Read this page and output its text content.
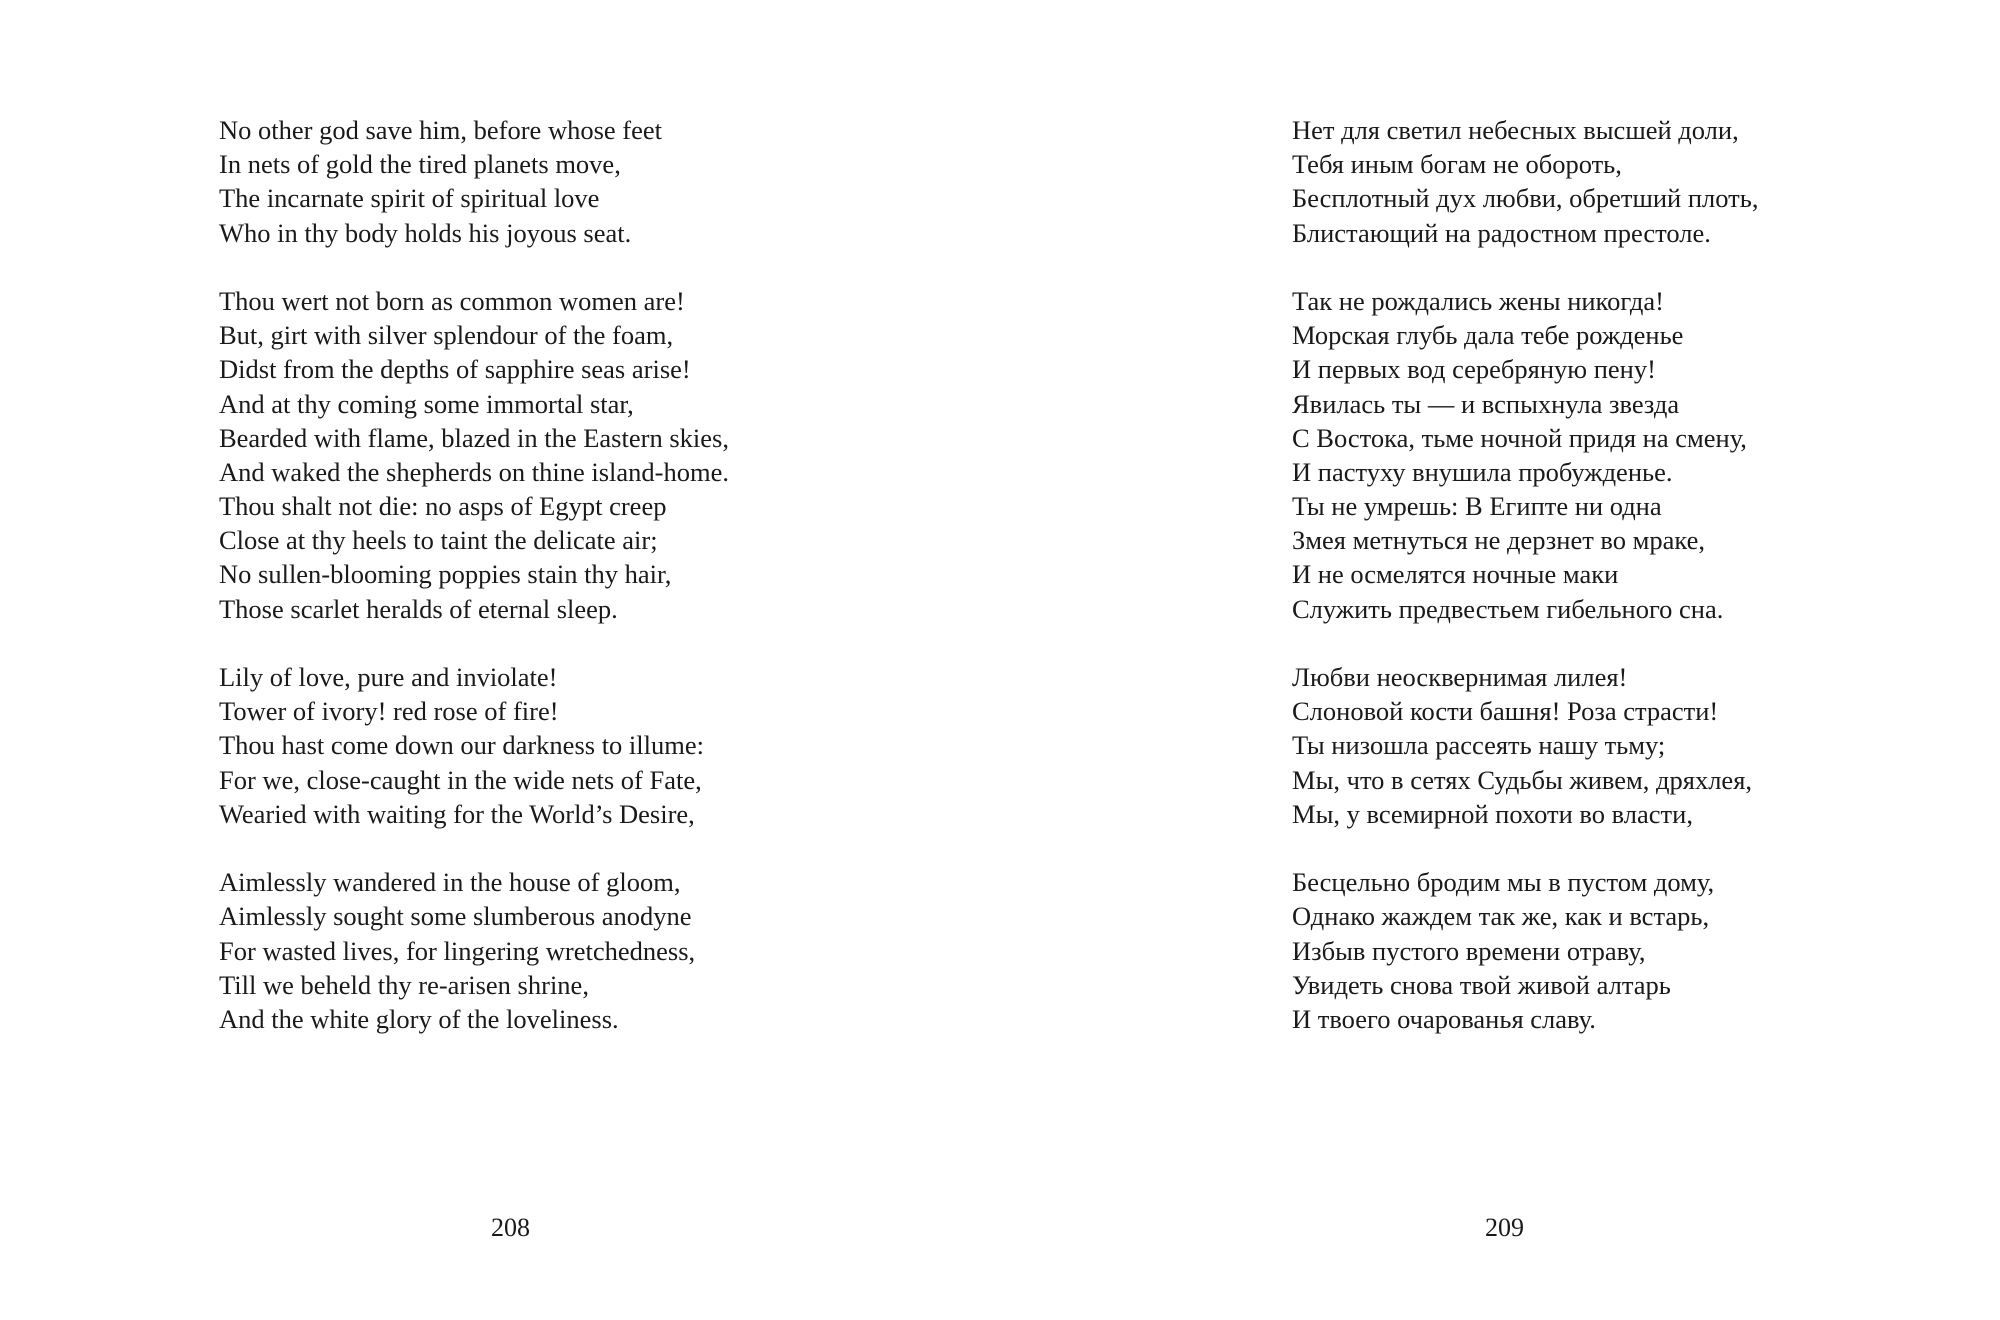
No other god save him, before whose feet
In nets of gold the tired planets move,
The incarnate spirit of spiritual love
Who in thy body holds his joyous seat.
Thou wert not born as common women are!
But, girt with silver splendour of the foam,
Didst from the depths of sapphire seas arise!
And at thy coming some immortal star,
Bearded with flame, blazed in the Eastern skies,
And waked the shepherds on thine island-home.
Thou shalt not die: no asps of Egypt creep
Close at thy heels to taint the delicate air;
No sullen-blooming poppies stain thy hair,
Those scarlet heralds of eternal sleep.
Lily of love, pure and inviolate!
Tower of ivory! red rose of fire!
Thou hast come down our darkness to illume:
For we, close-caught in the wide nets of Fate,
Wearied with waiting for the World’s Desire,
Aimlessly wandered in the house of gloom,
Aimlessly sought some slumberous anodyne
For wasted lives, for lingering wretchedness,
Till we beheld thy re-arisen shrine,
And the white glory of the loveliness.
208
Нет для светил небесных высшей доли,
Тебя иным богам не обороть,
Бесплотный дух любви, обретший плоть,
Блистающий на радостном престоле.
Так не рождались жены никогда!
Морская глубь дала тебе рожденье
И первых вод серебряную пену!
Явилась ты — и вспыхнула звезда
С Востока, тьме ночной придя на смену,
И пастуху внушила пробужденье.
Ты не умрешь: В Египте ни одна
Змея метнуться не дерзнет во мраке,
И не осмелятся ночные маки
Служить предвестьем гибельного сна.
Любви неосквернимая лилея!
Слоновой кости башня! Роза страсти!
Ты низошла рассеять нашу тьму;
Мы, что в сетях Судьбы живем, дряхлея,
Мы, у всемирной похоти во власти,
Бесцельно бродим мы в пустом дому,
Однако жаждем так же, как и встарь,
Избыв пустого времени отраву,
Увидеть снова твой живой алтарь
И твоего очарованья славу.
209
